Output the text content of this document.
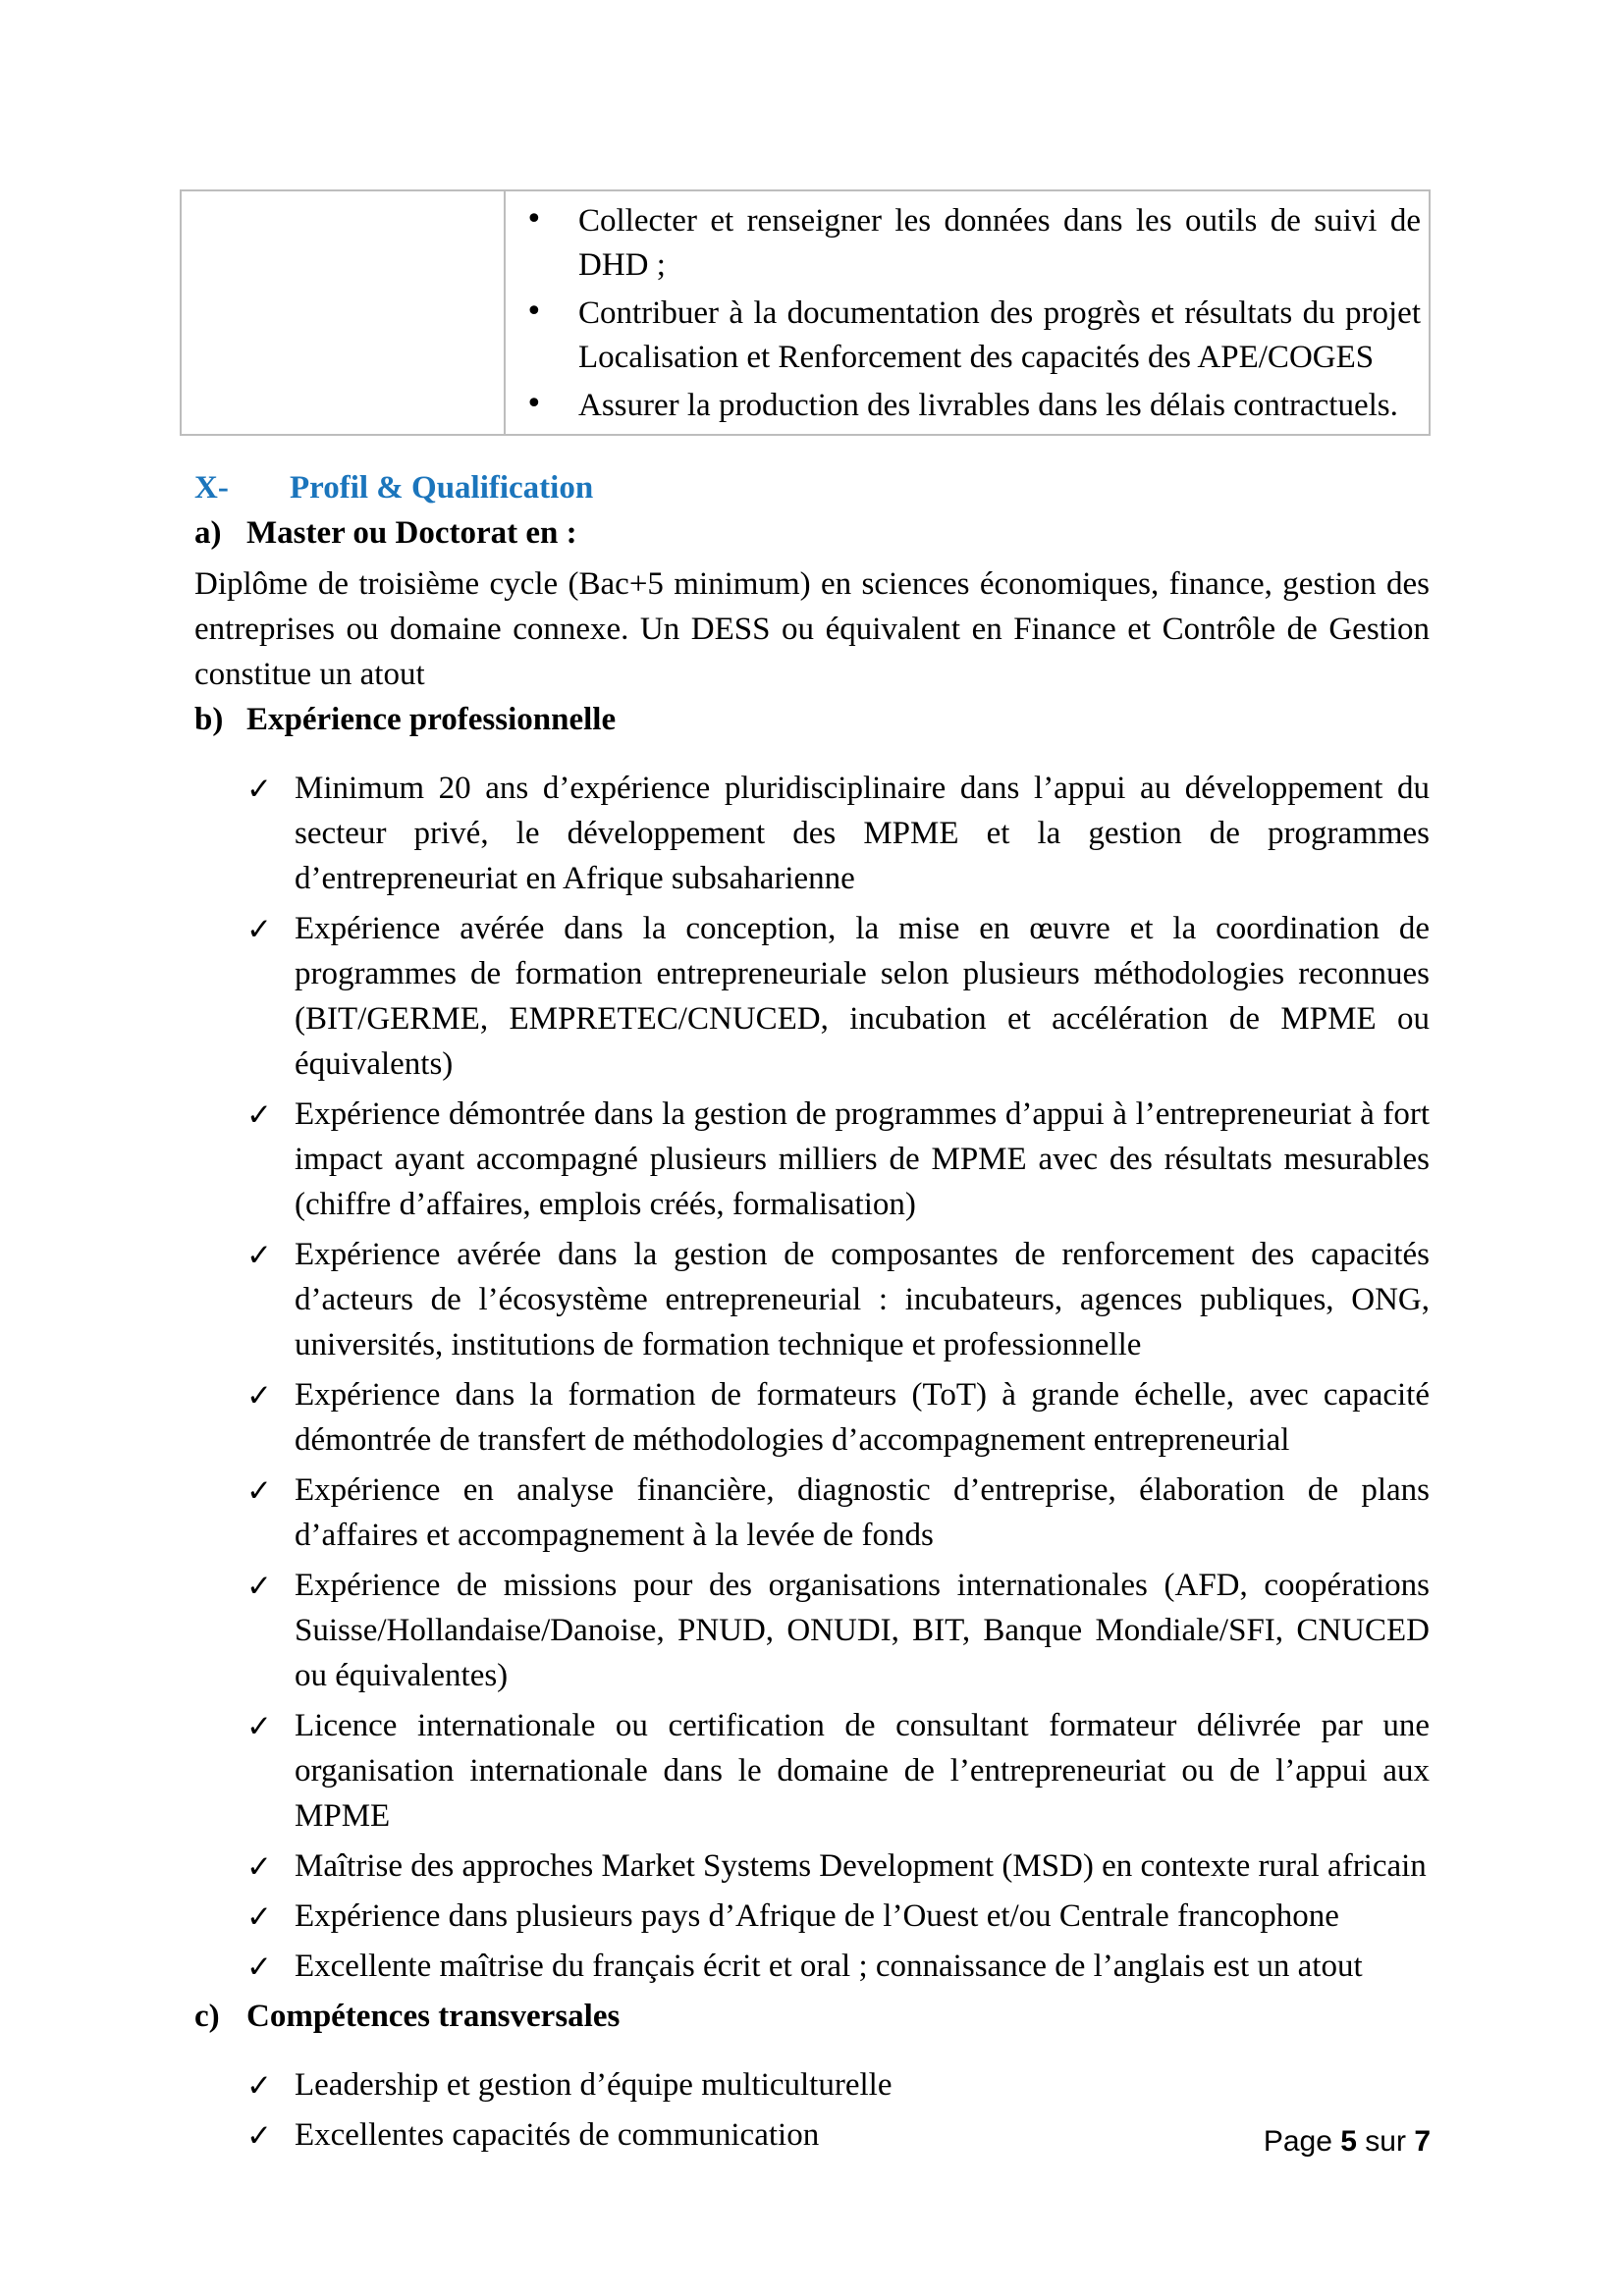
• Collecter et renseigner les données dans les outils de suivi de DHD ;
• Contribuer à la documentation des progrès et résultats du projet Localisation et Renforcement des capacités des APE/COGES
• Assurer la production des livrables dans les délais contractuels.
X-	Profil & Qualification
a) Master ou Doctorat en :

Diplôme de troisième cycle (Bac+5 minimum) en sciences économiques, finance, gestion des entreprises ou domaine connexe. Un DESS ou équivalent en Finance et Contrôle de Gestion constitue un atout

b) Expérience professionnelle
✓ Minimum 20 ans d’expérience pluridisciplinaire dans l’appui au développement du secteur privé, le développement des MPME et la gestion de programmes d’entrepreneuriat en Afrique subsaharienne
✓ Expérience avérée dans la conception, la mise en œuvre et la coordination de programmes de formation entrepreneuriale selon plusieurs méthodologies reconnues (BIT/GERME, EMPRETEC/CNUCED, incubation et accélération de MPME ou équivalents)
✓ Expérience démontrée dans la gestion de programmes d’appui à l’entrepreneuriat à fort impact ayant accompagné plusieurs milliers de MPME avec des résultats mesurables (chiffre d’affaires, emplois créés, formalisation)
✓ Expérience avérée dans la gestion de composantes de renforcement des capacités d’acteurs de l’écosystème entrepreneurial : incubateurs, agences publiques, ONG, universités, institutions de formation technique et professionnelle
✓ Expérience dans la formation de formateurs (ToT) à grande échelle, avec capacité démontrée de transfert de méthodologies d’accompagnement entrepreneurial
✓ Expérience en analyse financière, diagnostic d’entreprise, élaboration de plans d’affaires et accompagnement à la levée de fonds
✓ Expérience de missions pour des organisations internationales (AFD, coopérations Suisse/Hollandaise/Danoise, PNUD, ONUDI, BIT, Banque Mondiale/SFI, CNUCED ou équivalentes)
✓ Licence internationale ou certification de consultant formateur délivrée par une organisation internationale dans le domaine de l’entrepreneuriat ou de l’appui aux MPME
✓ Maîtrise des approches Market Systems Development (MSD) en contexte rural africain
✓ Expérience dans plusieurs pays d’Afrique de l’Ouest et/ou Centrale francophone
✓ Excellente maîtrise du français écrit et oral ; connaissance de l’anglais est un atout
c) Compétences transversales
✓ Leadership et gestion d’équipe multiculturelle
✓ Excellentes capacités de communication	Page 5 sur 7
